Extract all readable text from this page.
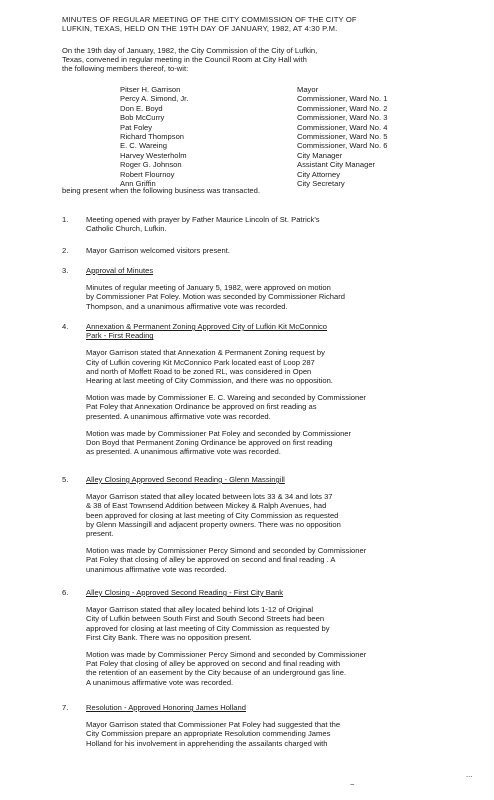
MINUTES OF REGULAR MEETING OF THE CITY COMMISSION OF THE CITY OF
LUFKIN, TEXAS, HELD ON THE 19TH DAY OF JANUARY, 1982, AT 4:30 P.M.
On the 19th day of January, 1982, the City Commission of the City of Lufkin,
Texas, convened in regular meeting in the Council Room at City Hall with
the following members thereof, to-wit:
Pitser H. Garrison	Mayor
Percy A. Simond, Jr.	Commissioner, Ward No. 1
Don E. Boyd	Commissioner, Ward No. 2
Bob McCurry	Commissioner, Ward No. 3
Pat Foley	Commissioner, Ward No. 4
Richard Thompson	Commissioner, Ward No. 5
E. C. Wareing	Commissioner, Ward No. 6
Harvey Westerholm	City Manager
Roger G. Johnson	Assistant City Manager
Robert Flournoy	City Attorney
Ann Griffin	City Secretary
being present when the following business was transacted.
1. Meeting opened with prayer by Father Maurice Lincoln of St. Patrick's
Catholic Church, Lufkin.
2. Mayor Garrison welcomed visitors present.
3. Approval of Minutes
Minutes of regular meeting of January 5, 1982, were approved on motion
by Commissioner Pat Foley. Motion was seconded by Commissioner Richard
Thompson, and a unanimous affirmative vote was recorded.
4. Annexation & Permanent Zoning Approved City of Lufkin Kit McConnico
Park - First Reading
Mayor Garrison stated that Annexation & Permanent Zoning request by
City of Lufkin covering Kit McConnico Park located east of Loop 287
and north of Moffett Road to be zoned RL, was considered in Open
Hearing at last meeting of City Commission, and there was no opposition.
Motion was made by Commissioner E. C. Wareing and seconded by Commissioner
Pat Foley that Annexation Ordinance be approved on first reading as
presented. A unanimous affirmative vote was recorded.
Motion was made by Commissioner Pat Foley and seconded by Commissioner
Don Boyd that Permanent Zoning Ordinance be approved on first reading
as presented. A unanimous affirmative vote was recorded.
5. Alley Closing Approved Second Reading - Glenn Massingill
Mayor Garrison stated that alley located between lots 33 & 34 and lots 37
& 38 of East Townsend Addition between Mickey & Ralph Avenues, had
been approved for closing at last meeting of City Commission as requested
by Glenn Massingill and adjacent property owners. There was no opposition
present.
Motion was made by Commissioner Percy Simond and seconded by Commissioner
Pat Foley that closing of alley be approved on second and final reading . A
unanimous affirmative vote was recorded.
6. Alley Closing - Approved Second Reading - First City Bank
Mayor Garrison stated that alley located behind lots 1-12 of Original
City of Lufkin between South First and South Second Streets had been
approved for closing at last meeting of City Commission as requested by
First City Bank. There was no opposition present.
Motion was made by Commissioner Percy Simond and seconded by Commissioner
Pat Foley that closing of alley be approved on second and final reading with
the retention of an easement by the City because of an underground gas line.
A unanimous affirmative vote was recorded.
7. Resolution - Approved Honoring James Holland
Mayor Garrison stated that Commissioner Pat Foley had suggested that the
City Commission prepare an appropriate Resolution commending James
Holland for his involvement in apprehending the assailants charged with
~
...
